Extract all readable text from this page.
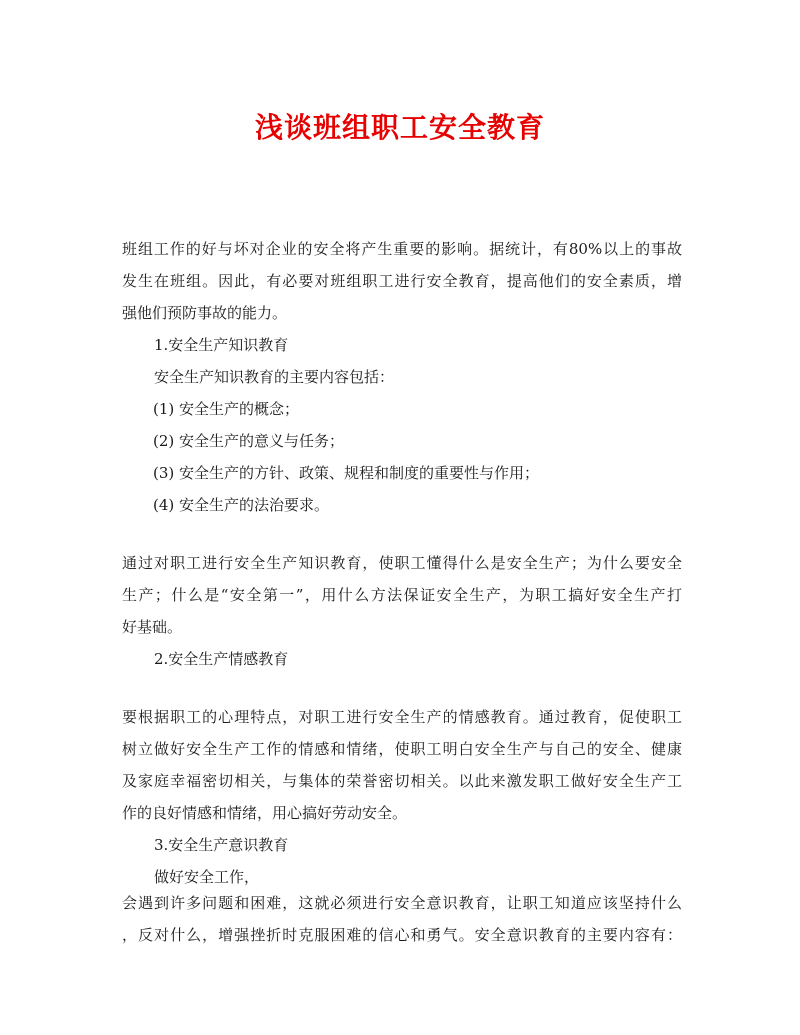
浅谈班组职工安全教育
班组工作的好与坏对企业的安全将产生重要的影响。据统计，有80%以上的事故
发生在班组。因此，有必要对班组职工进行安全教育，提高他们的安全素质，增
强他们预防事故的能力。
1.安全生产知识教育
安全生产知识教育的主要内容包括：
(1) 安全生产的概念；
(2) 安全生产的意义与任务；
(3) 安全生产的方针、政策、规程和制度的重要性与作用；
(4) 安全生产的法治要求。
通过对职工进行安全生产知识教育，使职工懂得什么是安全生产；为什么要安全
生产；什么是“安全第一”，用什么方法保证安全生产，为职工搞好安全生产打
好基础。
2.安全生产情感教育
要根据职工的心理特点，对职工进行安全生产的情感教育。通过教育，促使职工
树立做好安全生产工作的情感和情绪，使职工明白安全生产与自己的安全、健康
及家庭幸福密切相关，与集体的荣誉密切相关。以此来激发职工做好安全生产工
作的良好情感和情绪，用心搞好劳动安全。
3.安全生产意识教育
做好安全工作，
会遇到许多问题和困难，这就必须进行安全意识教育，让职工知道应该坚持什么
，反对什么，增强挫折时克服困难的信心和勇气。安全意识教育的主要内容有：
